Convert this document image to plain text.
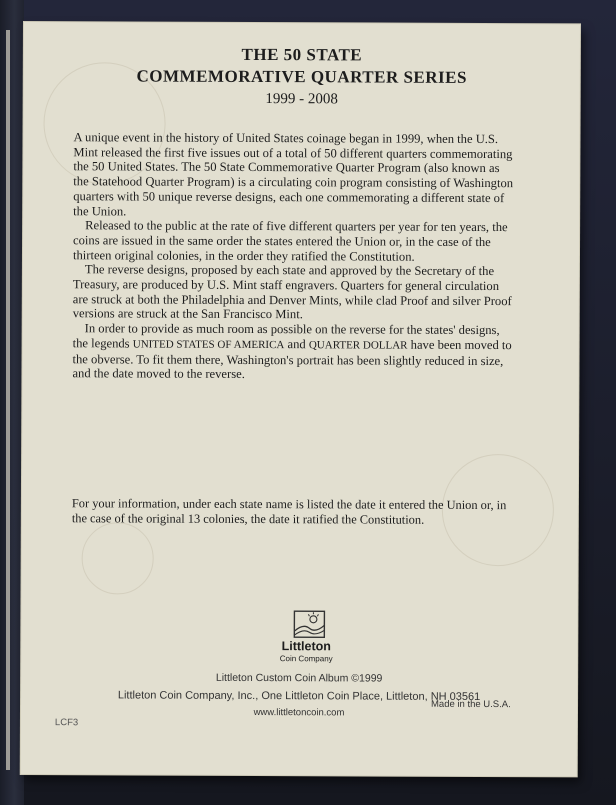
THE 50 STATE
COMMEMORATIVE QUARTER SERIES
1999 - 2008

A unique event in the history of United States coinage began in 1999, when the U.S. Mint released the first five issues out of a total of 50 different quarters commemorating the 50 United States. The 50 State Commemorative Quarter Program (also known as the Statehood Quarter Program) is a circulating coin program consisting of Washington quarters with 50 unique reverse designs, each one commemorating a different state of the Union.

Released to the public at the rate of five different quarters per year for ten years, the coins are issued in the same order the states entered the Union or, in the case of the thirteen original colonies, in the order they ratified the Constitution.

The reverse designs, proposed by each state and approved by the Secretary of the Treasury, are produced by U.S. Mint staff engravers. Quarters for general circulation are struck at both the Philadelphia and Denver Mints, while clad Proof and silver Proof versions are struck at the San Francisco Mint.

In order to provide as much room as possible on the reverse for the states' designs, the legends UNITED STATES OF AMERICA and QUARTER DOLLAR have been moved to the obverse. To fit them there, Washington's portrait has been slightly reduced in size, and the date moved to the reverse.

For your information, under each state name is listed the date it entered the Union or, in the case of the original 13 colonies, the date it ratified the Constitution.
Littleton
Coin Company
Littleton Custom Coin Album ©1999
Littleton Coin Company, Inc., One Littleton Coin Place, Littleton, NH 03561
www.littletoncoin.com
Made in the U.S.A.
LCF3
